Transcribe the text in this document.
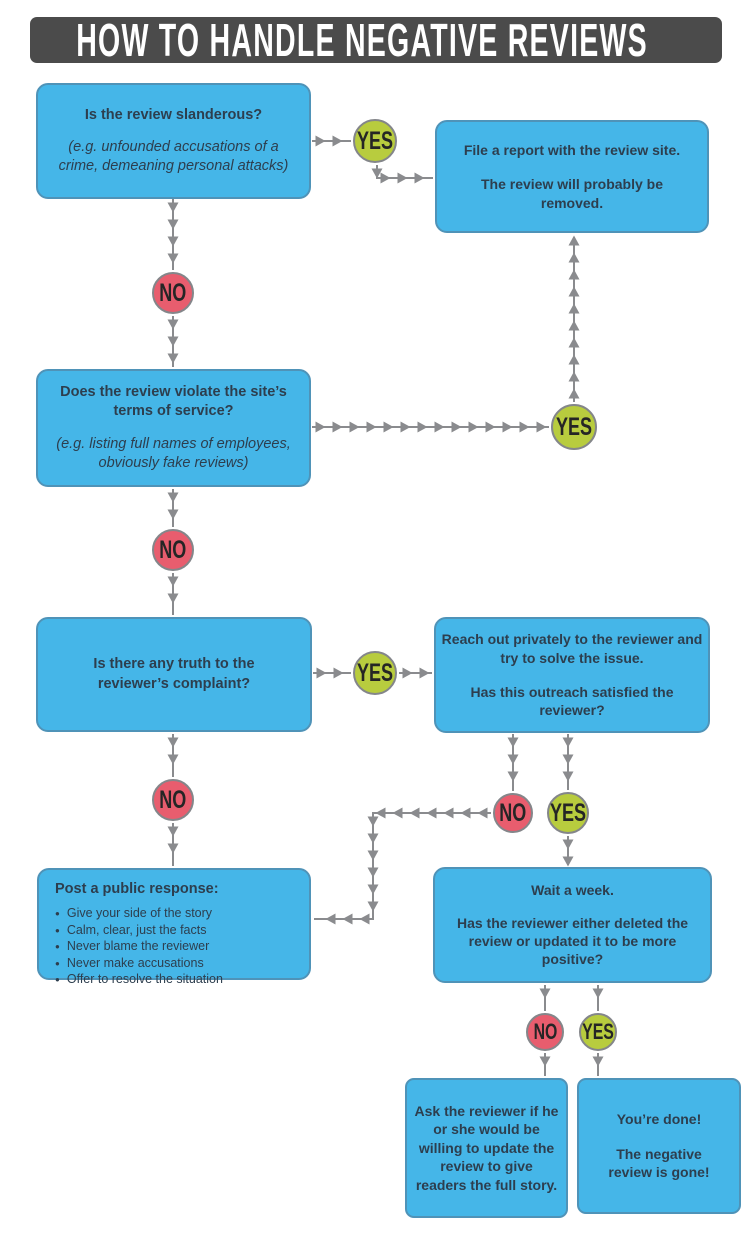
HOW TO HANDLE NEGATIVE REVIEWS
Is the review slanderous?
(e.g. unfounded accusations of a crime, demeaning personal attacks)
File a report with the review site.
The review will probably be removed.
Does the review violate the site’s terms of service?
(e.g. listing full names of employees, obviously fake reviews)
Is there any truth to the reviewer’s complaint?
Reach out privately to the reviewer and try to solve the issue.
Has this outreach satisfied the reviewer?
Post a public response:
● Give your side of the story
● Calm, clear, just the facts
● Never blame the reviewer
● Never make accusations
● Offer to resolve the situation
Wait a week.
Has the reviewer either deleted the review or updated it to be more positive?
Ask the reviewer if he or she would be willing to update the review to give readers the full story.
You’re done!
The negative review is gone!
NO
YES
YES
NO
YES
NO	NO YES
NO YES
